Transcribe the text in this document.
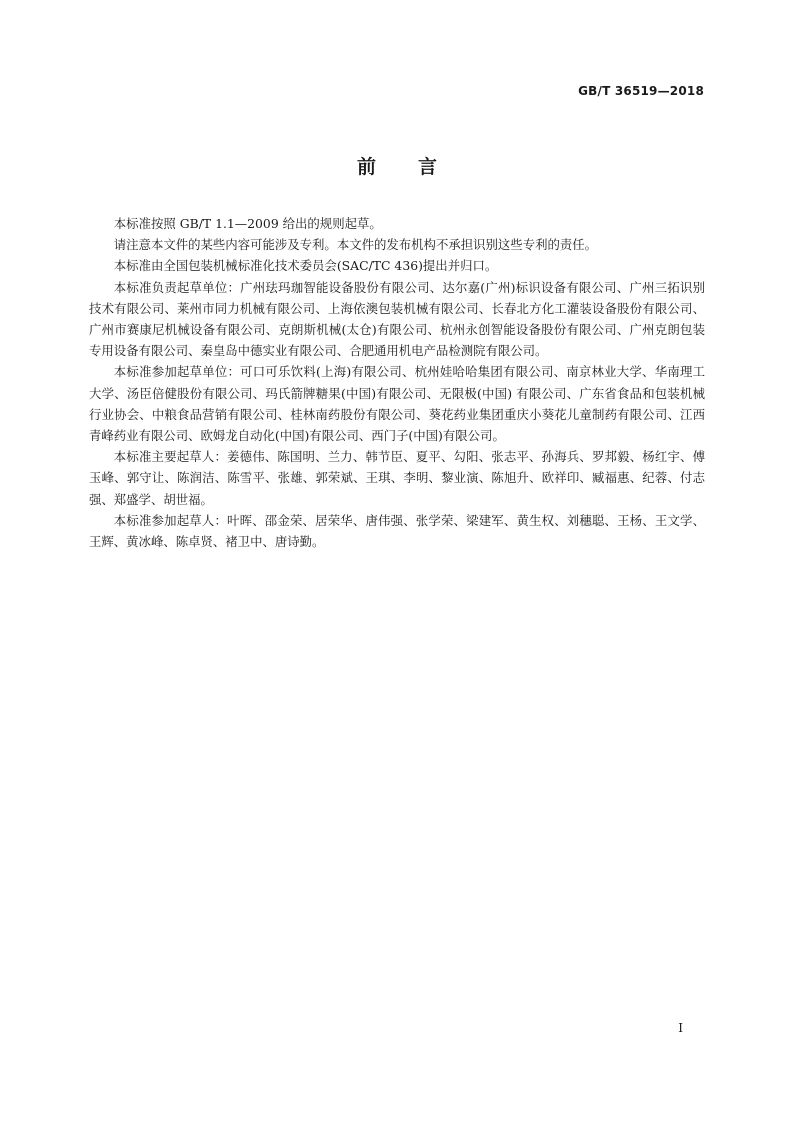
GB/T 36519—2018
前言

本标准按照 GB/T 1.1—2009 给出的规则起草。

请注意本文件的某些内容可能涉及专利。本文件的发布机构不承担识别这些专利的责任。

本标准由全国包装机械标准化技术委员会(SAC/TC 436)提出并归口。

本标准负责起草单位：广州珐玛珈智能设备股份有限公司、达尔嘉(广州)标识设备有限公司、广州三拓识别技术有限公司、莱州市同力机械有限公司、上海依澳包装机械有限公司、长春北方化工灌装设备股份有限公司、广州市赛康尼机械设备有限公司、克朗斯机械(太仓)有限公司、杭州永创智能设备股份有限公司、广州克朗包装专用设备有限公司、秦皇岛中德实业有限公司、合肥通用机电产品检测院有限公司。

本标准参加起草单位：可口可乐饮料(上海)有限公司、杭州娃哈哈集团有限公司、南京林业大学、华南理工大学、汤臣倍健股份有限公司、玛氏箭牌糖果(中国)有限公司、无限极(中国) 有限公司、广东省食品和包装机械行业协会、中粮食品营销有限公司、桂林南药股份有限公司、葵花药业集团重庆小葵花儿童制药有限公司、江西青峰药业有限公司、欧姆龙自动化(中国)有限公司、西门子(中国)有限公司。

本标准主要起草人：姜德伟、陈国明、兰力、韩节臣、夏平、勾阳、张志平、孙海兵、罗邦毅、杨红宇、傅玉峰、郭守让、陈润洁、陈雪平、张雄、郭荣斌、王琪、李明、黎业演、陈旭升、欧祥印、臧福惠、纪蓉、付志强、郑盛学、胡世福。

本标准参加起草人：叶晖、邵金荣、居荣华、唐伟强、张学荣、梁建军、黄生权、刘穗聪、王杨、王文学、王辉、黄冰峰、陈卓贤、褚卫中、唐诗勤。

I
